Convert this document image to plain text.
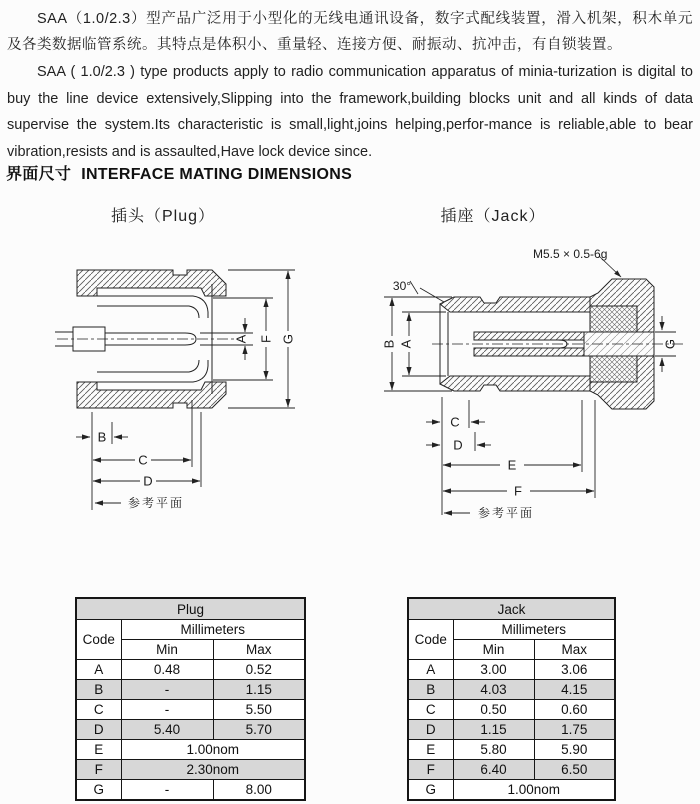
SAA（1.0/2.3）型产品广泛用于小型化的无线电通讯设备，数字式配线装置，滑入机架，积木单元及各类数据临管系统。其特点是体积小、重量轻、连接方便、耐振动、抗冲击，有自锁装置。
SAA ( 1.0/2.3 ) type products apply to radio communication apparatus of minia-turization is digital to buy the line device extensively,Slipping into the framework,building blocks unit and all kinds of data supervise the system.Its characteristic is small,light,joins helping,perfor-mance is reliable,able to bear vibration,resists and is assaulted,Have lock device since.
界面尺寸 INTERFACE MATING DIMENSIONS
插头（Plug）	插座（Jack）
A F G
B
C
D
参考平面
M5.5 × 0.5-6g
30°
B A	G
C
D
E
F
参考平面
Plug		
Code	Millimeters	
	Min	Max
A	0.48	0.52
B	-	1.15
C	-	5.50
D	5.40	5.70
E	1.00nom	
F	2.30nom	
G	-	8.00
Jack		
Code	Millimeters	
	Min	Max
A	3.00	3.06
B	4.03	4.15
C	0.50	0.60
D	1.15	1.75
E	5.80	5.90
F	6.40	6.50
G	1.00nom	
